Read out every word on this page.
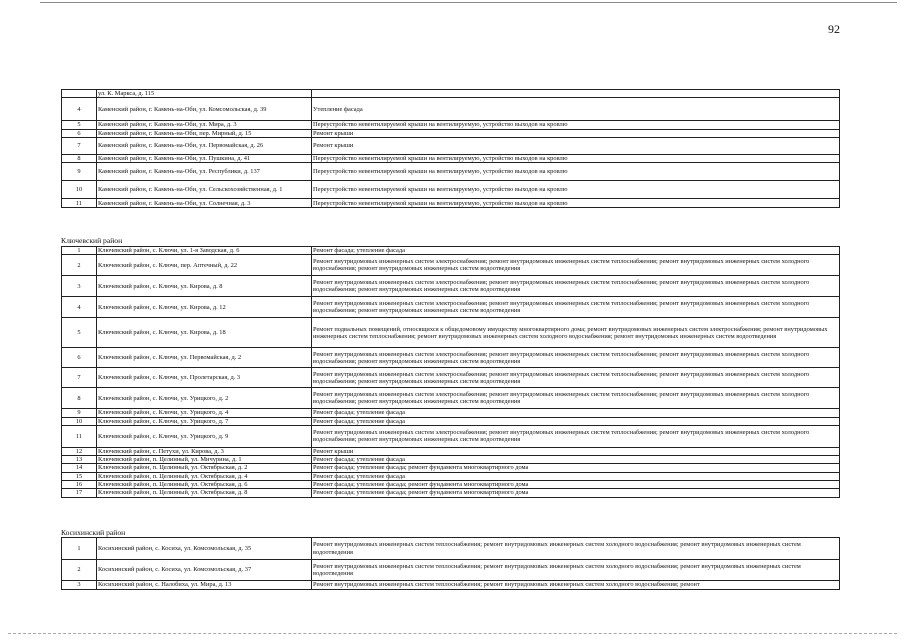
92
	ул. К. Маркса, д. 115	
4	Каменский район, г. Камень-на-Оби, ул. Комсомольская, д. 39	Утепление фасада
5	Каменский район, г. Камень-на-Оби, ул. Мира, д. 3	Переустройство невентилируемой крыши на вентилируемую, устройство выходов на кровлю
6	Каменский район, г. Камень-на-Оби, пер. Мирный, д. 15	Ремонт крыши
7	Каменский район, г. Камень-на-Оби, ул. Первомайская, д. 26	Ремонт крыши
8	Каменский район, г. Камень-на-Оби, ул. Пушкина, д. 41	Переустройство невентилируемой крыши на вентилируемую, устройство выходов на кровлю
9	Каменский район, г. Камень-на-Оби, ул. Республики, д. 137	Переустройство невентилируемой крыши на вентилируемую, устройство выходов на кровлю
10	Каменский район, г. Камень-на-Оби, ул. Сельскохозяйственная, д. 1	Переустройство невентилируемой крыши на вентилируемую, устройство выходов на кровлю
11	Каменский район, г. Камень-на-Оби, ул. Солнечная, д. 3	Переустройство невентилируемой крыши на вентилируемую, устройство выходов на кровлю
Ключевский район
1	Ключевский район, с. Ключи, ул. 1-я Заводская, д. 6	Ремонт фасада; утепление фасада
2	Ключевский район, с. Ключи, пер. Аптечный, д. 22	Ремонт внутридомовых инженерных систем электроснабжения; ремонт внутридомовых инженерных систем теплоснабжения; ремонт внутридомовых инженерных систем холодного водоснабжения; ремонт внутридомовых инженерных систем водоотведения
3	Ключевский район, с. Ключи, ул. Кирова, д. 8	Ремонт внутридомовых инженерных систем электроснабжения; ремонт внутридомовых инженерных систем теплоснабжения; ремонт внутридомовых инженерных систем холодного водоснабжения; ремонт внутридомовых инженерных систем водоотведения
4	Ключевский район, с. Ключи, ул. Кирова, д. 12	Ремонт внутридомовых инженерных систем электроснабжения; ремонт внутридомовых инженерных систем теплоснабжения; ремонт внутридомовых инженерных систем холодного водоснабжения; ремонт внутридомовых инженерных систем водоотведения
5	Ключевский район, с. Ключи, ул. Кирова, д. 18	Ремонт подвальных помещений, относящихся к общедомовому имуществу многоквартирного дома; ремонт внутридомовых инженерных систем электроснабжения; ремонт внутридомовых инженерных систем теплоснабжения; ремонт внутридомовых инженерных систем холодного водоснабжения; ремонт внутридомовых инженерных систем водоотведения
6	Ключевский район, с. Ключи, ул. Первомайская, д. 2	Ремонт внутридомовых инженерных систем электроснабжения; ремонт внутридомовых инженерных систем теплоснабжения; ремонт внутридомовых инженерных систем холодного водоснабжения; ремонт внутридомовых инженерных систем водоотведения
7	Ключевский район, с. Ключи, ул. Пролетарская, д. 3	Ремонт внутридомовых инженерных систем электроснабжения; ремонт внутридомовых инженерных систем теплоснабжения; ремонт внутридомовых инженерных систем холодного водоснабжения; ремонт внутридомовых инженерных систем водоотведения
8	Ключевский район, с. Ключи, ул. Урицкого, д. 2	Ремонт внутридомовых инженерных систем электроснабжения; ремонт внутридомовых инженерных систем теплоснабжения; ремонт внутридомовых инженерных систем холодного водоснабжения; ремонт внутридомовых инженерных систем водоотведения
9	Ключевский район, с. Ключи, ул. Урицкого, д. 4	Ремонт фасада; утепление фасада
10	Ключевский район, с. Ключи, ул. Урицкого, д. 7	Ремонт фасада; утепление фасада
11	Ключевский район, с. Ключи, ул. Урицкого, д. 9	Ремонт внутридомовых инженерных систем электроснабжения; ремонт внутридомовых инженерных систем теплоснабжения; ремонт внутридомовых инженерных систем холодного водоснабжения; ремонт внутридомовых инженерных систем водоотведения
12	Ключевский район, с. Петухи, ул. Кирова, д. 3	Ремонт крыши
13	Ключевский район, п. Целинный, ул. Мичурина, д. 1	Ремонт фасада; утепление фасада
14	Ключевский район, п. Целинный, ул. Октябрьская, д. 2	Ремонт фасада; утепление фасада; ремонт фундамента многоквартирного дома
15	Ключевский район, п. Целинный, ул. Октябрьская, д. 4	Ремонт фасада; утепление фасада
16	Ключевский район, п. Целинный, ул. Октябрьская, д. 6	Ремонт фасада; утепление фасада; ремонт фундамента многоквартирного дома
17	Ключевский район, п. Целинный, ул. Октябрьская, д. 8	Ремонт фасада; утепление фасада; ремонт фундамента многоквартирного дома
Косихинский район
1	Косихинский район, с. Косиха, ул. Комсомольская, д. 35	Ремонт внутридомовых инженерных систем теплоснабжения; ремонт внутридомовых инженерных систем холодного водоснабжения; ремонт внутридомовых инженерных систем водоотведения
2	Косихинский район, с. Косиха, ул. Комсомольская, д. 37	Ремонт внутридомовых инженерных систем теплоснабжения; ремонт внутридомовых инженерных систем холодного водоснабжения; ремонт внутридомовых инженерных систем водоотведения
3	Косихинский район, с. Налобиха, ул. Мира, д. 13	Ремонт внутридомовых инженерных систем теплоснабжения; ремонт внутридомовых инженерных систем холодного водоснабжения; ремонт
